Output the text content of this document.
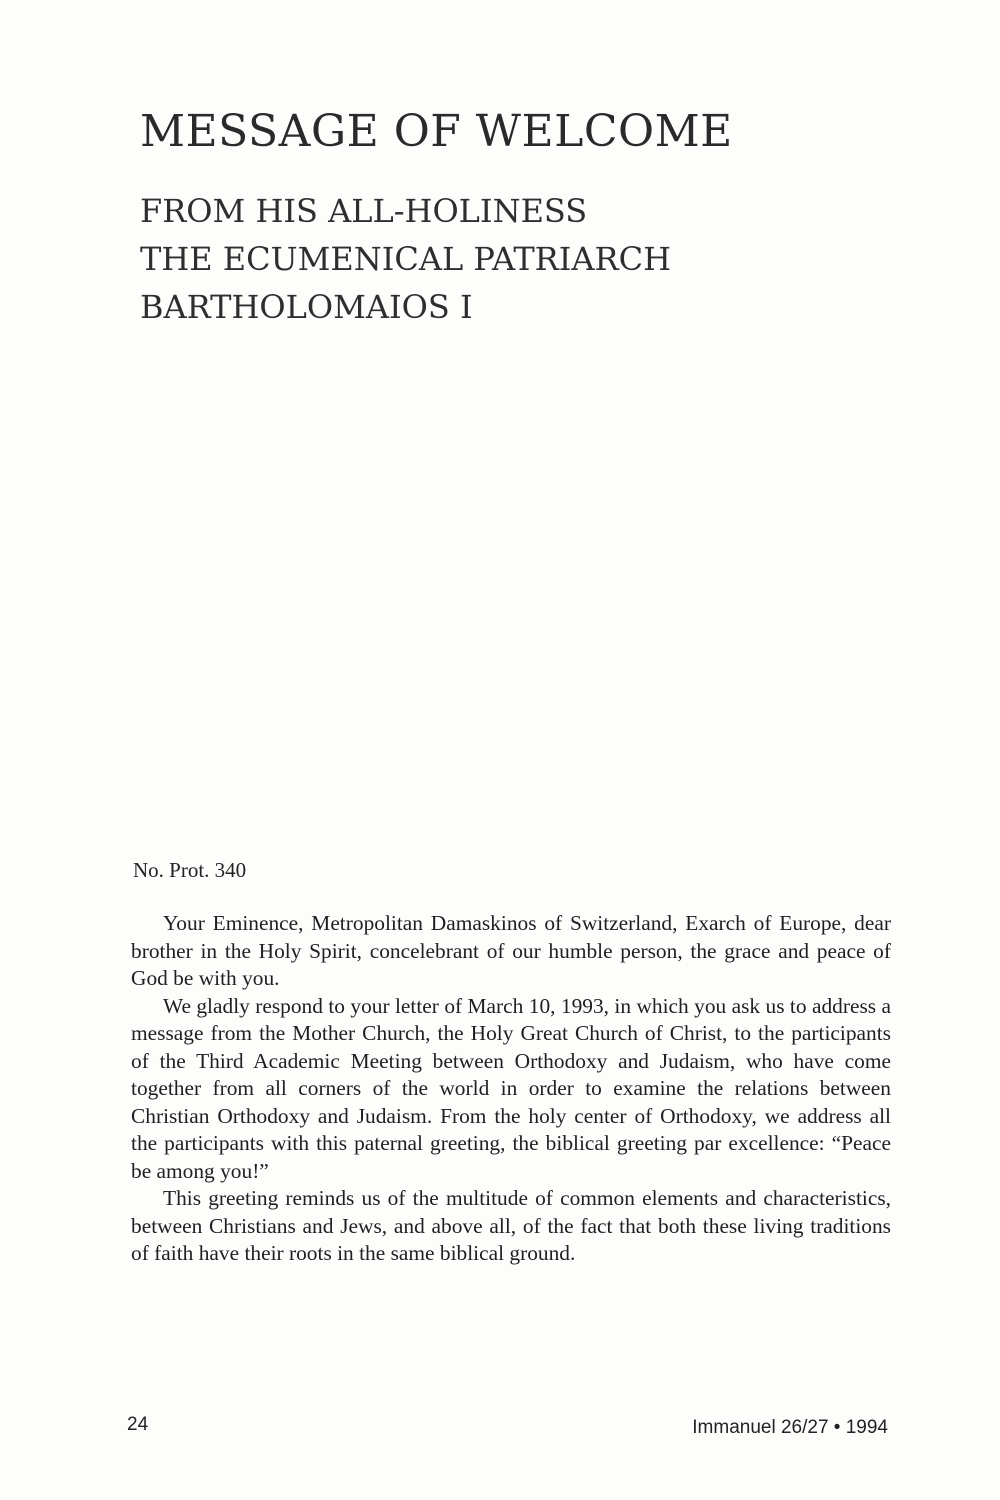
MESSAGE OF WELCOME
FROM HIS ALL-HOLINESS
THE ECUMENICAL PATRIARCH
BARTHOLOMAIOS I

No. Prot. 340

Your Eminence, Metropolitan Damaskinos of Switzerland, Exarch of Europe, dear brother in the Holy Spirit, concelebrant of our humble person, the grace and peace of God be with you.

We gladly respond to your letter of March 10, 1993, in which you ask us to address a message from the Mother Church, the Holy Great Church of Christ, to the participants of the Third Academic Meeting between Orthodoxy and Judaism, who have come together from all corners of the world in order to examine the relations between Christian Orthodoxy and Judaism. From the holy center of Orthodoxy, we address all the participants with this paternal greeting, the biblical greeting par excellence: “Peace be among you!”

This greeting reminds us of the multitude of common elements and characteristics, between Christians and Jews, and above all, of the fact that both these living traditions of faith have their roots in the same biblical ground.

24	Immanuel 26/27 • 1994
